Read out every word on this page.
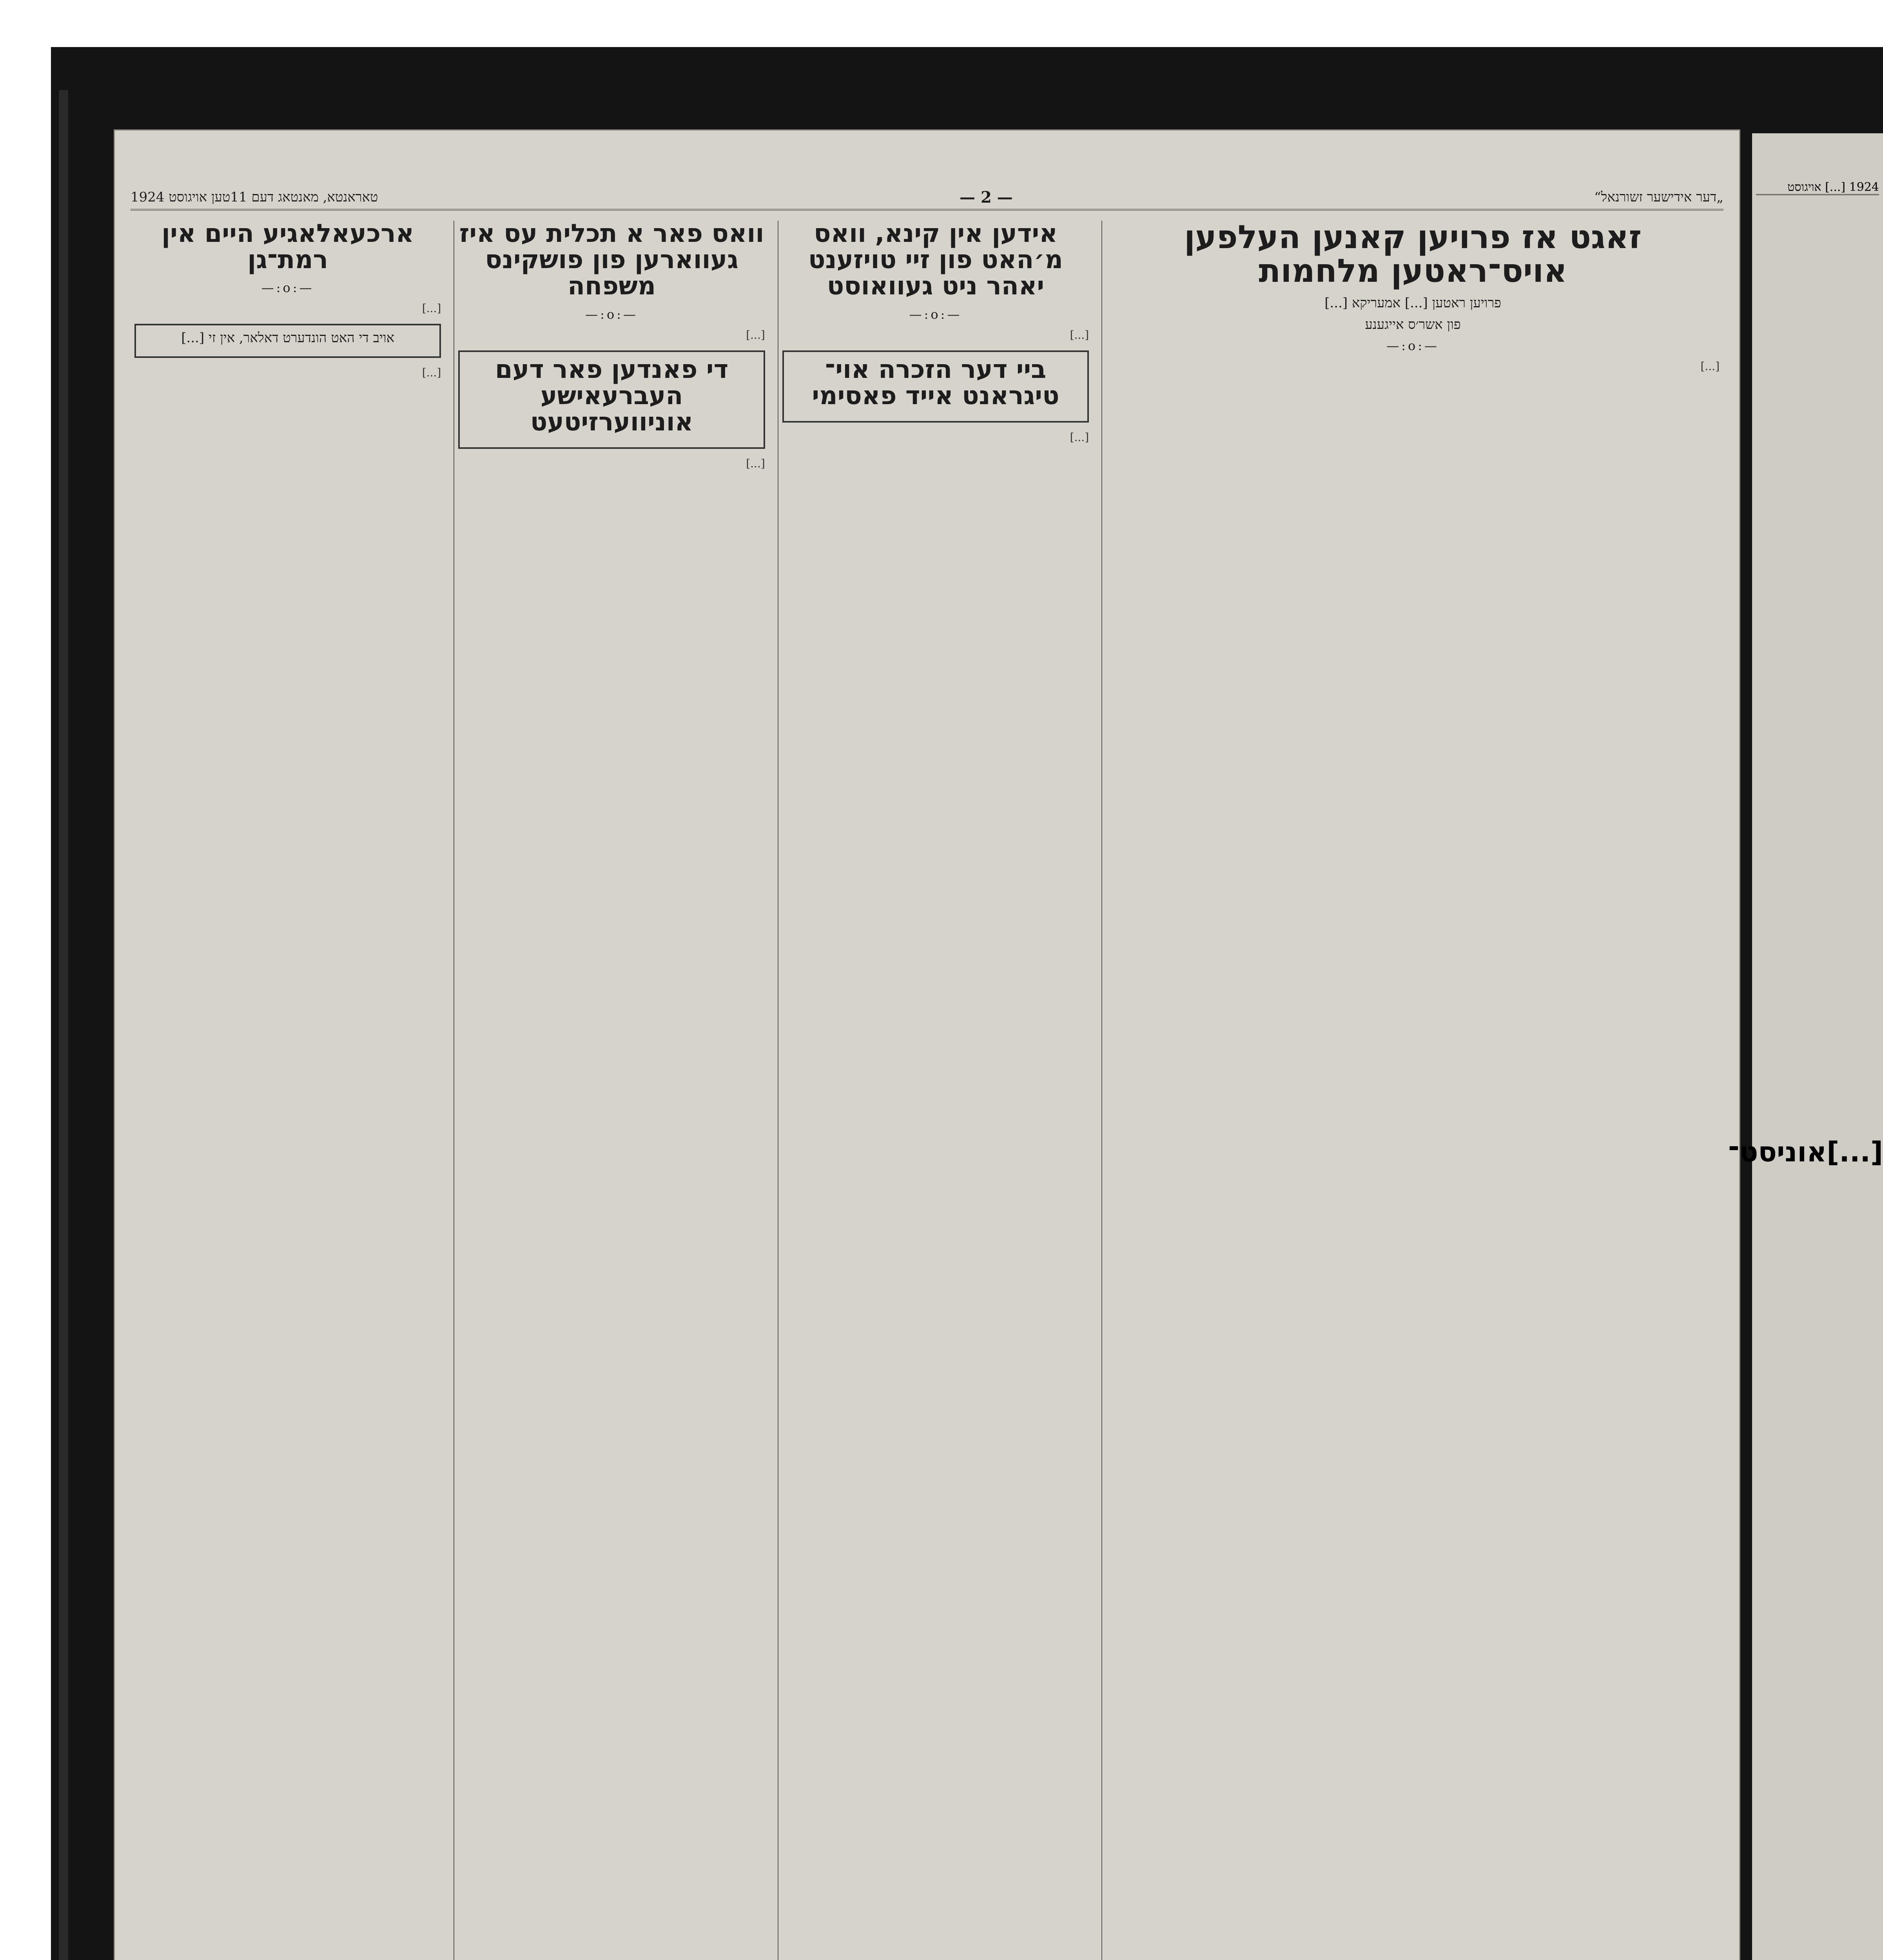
„דער אידישער זשורנאל“
— 2 —
טאראנטא, מאנטאג דעם 11טען אויגוסט 1924
זאגט אז פרויען קאנען העלפען אויס־ראטען מלחמות
פרויען ראטען [...] אמעריקא [...]
פון אשר׳ס אייגענע
—:o:—
[...]
אידען אין קינא, וואס מ׳האט פון זיי טויזענט יאהר ניט געוואוסט
—:o:—
[...]
ביי דער הזכרה אוי־ טיגראנט אייד פאסימי
[...]
וואס פאר א תכלית עס איז געווארען פון פושקינס משפחה
—:o:—
[...]
די פאנדען פאר דעם העברעאישע אוניווערזיטעט
[...]
ארכעאלאגיע היים אין רמת־גן
—:o:—
[...]
אויב די האט הונדערט דאלאר, אין זי [...]
[...]
1924 [...] אויגוסט
[...]אוניסט־
